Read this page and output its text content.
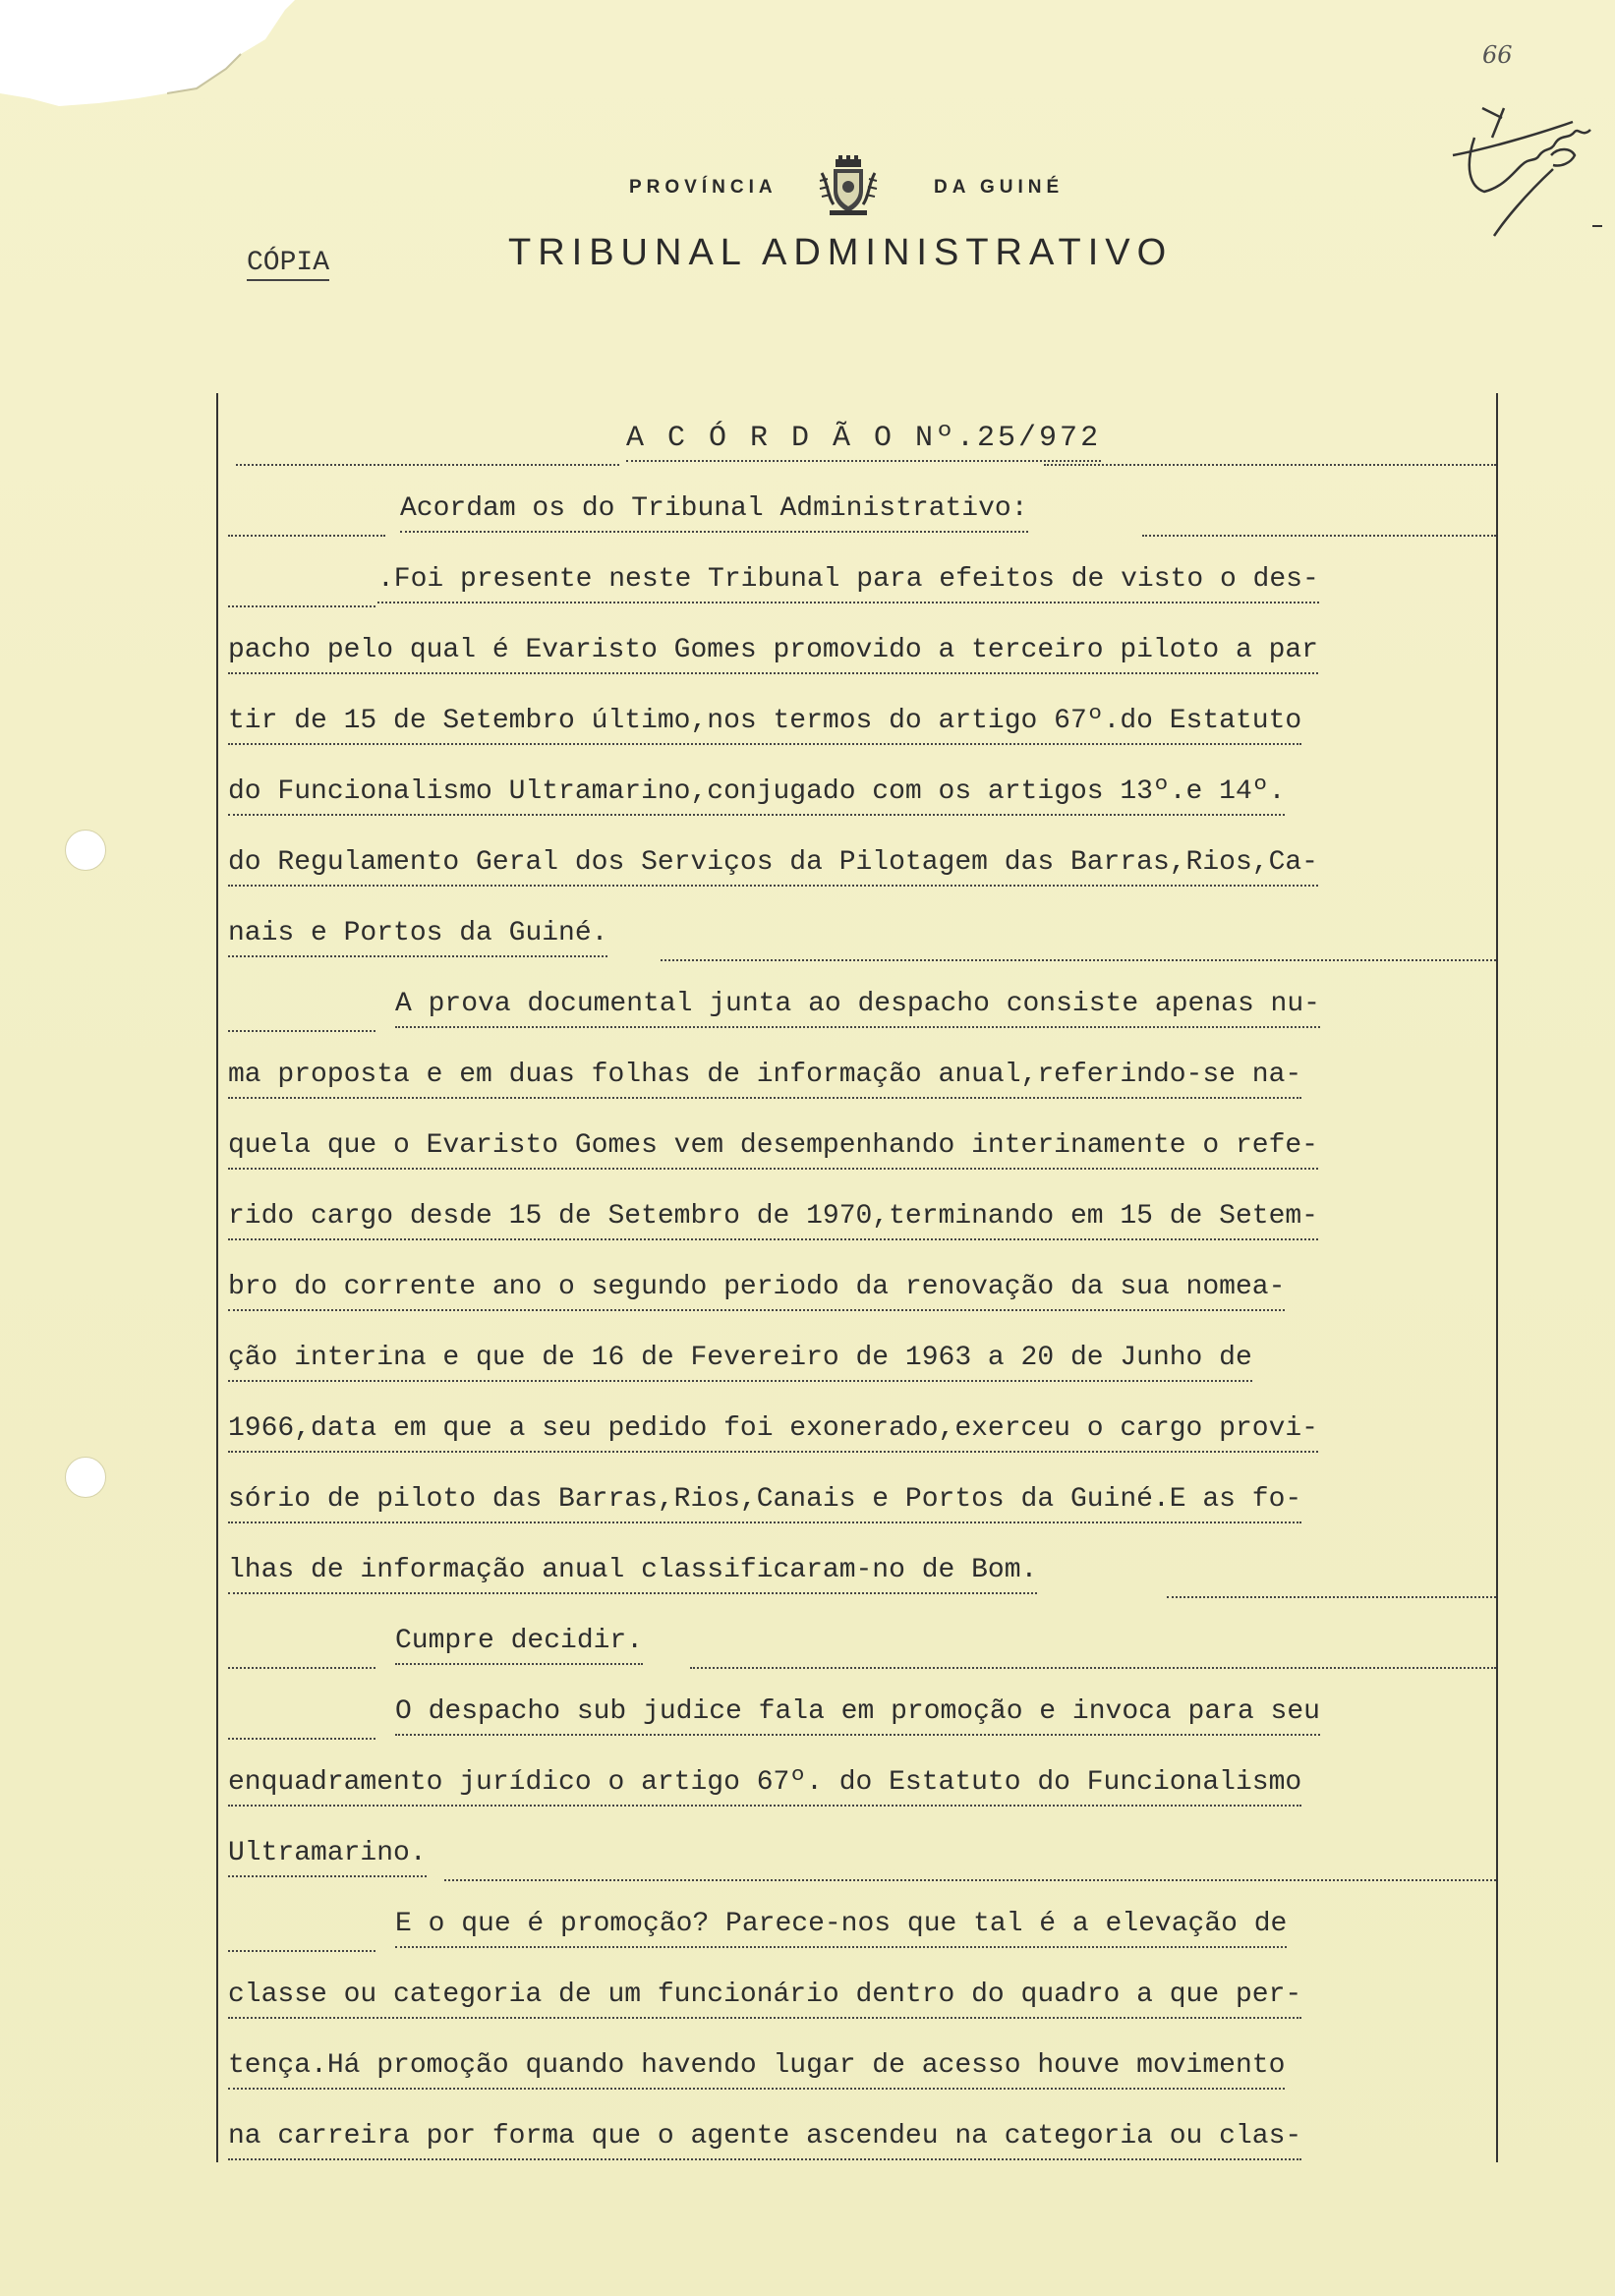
66
PROVÍNCIA	DA GUINÉ
TRIBUNAL ADMINISTRATIVO
CÓPIA
A C Ó R D Ã O Nº.25/972
Acordam os do Tribunal Administrativo:
.Foi presente neste Tribunal para efeitos de visto o des-
pacho pelo qual é Evaristo Gomes promovido a terceiro piloto a par
tir de 15 de Setembro último,nos termos do artigo 67º.do Estatuto
do Funcionalismo Ultramarino,conjugado com os artigos 13º.e 14º.
do Regulamento Geral dos Serviços da Pilotagem das Barras,Rios,Ca-
nais e Portos da Guiné.
A prova documental junta ao despacho consiste apenas nu-
ma proposta e em duas folhas de informação anual,referindo-se na-
quela que o Evaristo Gomes vem desempenhando interinamente o refe-
rido cargo desde 15 de Setembro de 1970,terminando em 15 de Setem-
bro do corrente ano o segundo periodo da renovação da sua nomea-
ção interina e que de 16 de Fevereiro de 1963 a 20 de Junho de
1966,data em que a seu pedido foi exonerado,exerceu o cargo provi-
sório de piloto das Barras,Rios,Canais e Portos da Guiné.E as fo-
lhas de informação anual classificaram-no de Bom.
Cumpre decidir.
O despacho sub judice fala em promoção e invoca para seu
enquadramento jurídico o artigo 67º. do Estatuto do Funcionalismo
Ultramarino.
E o que é promoção? Parece-nos que tal é a elevação de
classe ou categoria de um funcionário dentro do quadro a que per-
tença.Há promoção quando havendo lugar de acesso houve movimento
na carreira por forma que o agente ascendeu na categoria ou clas-
